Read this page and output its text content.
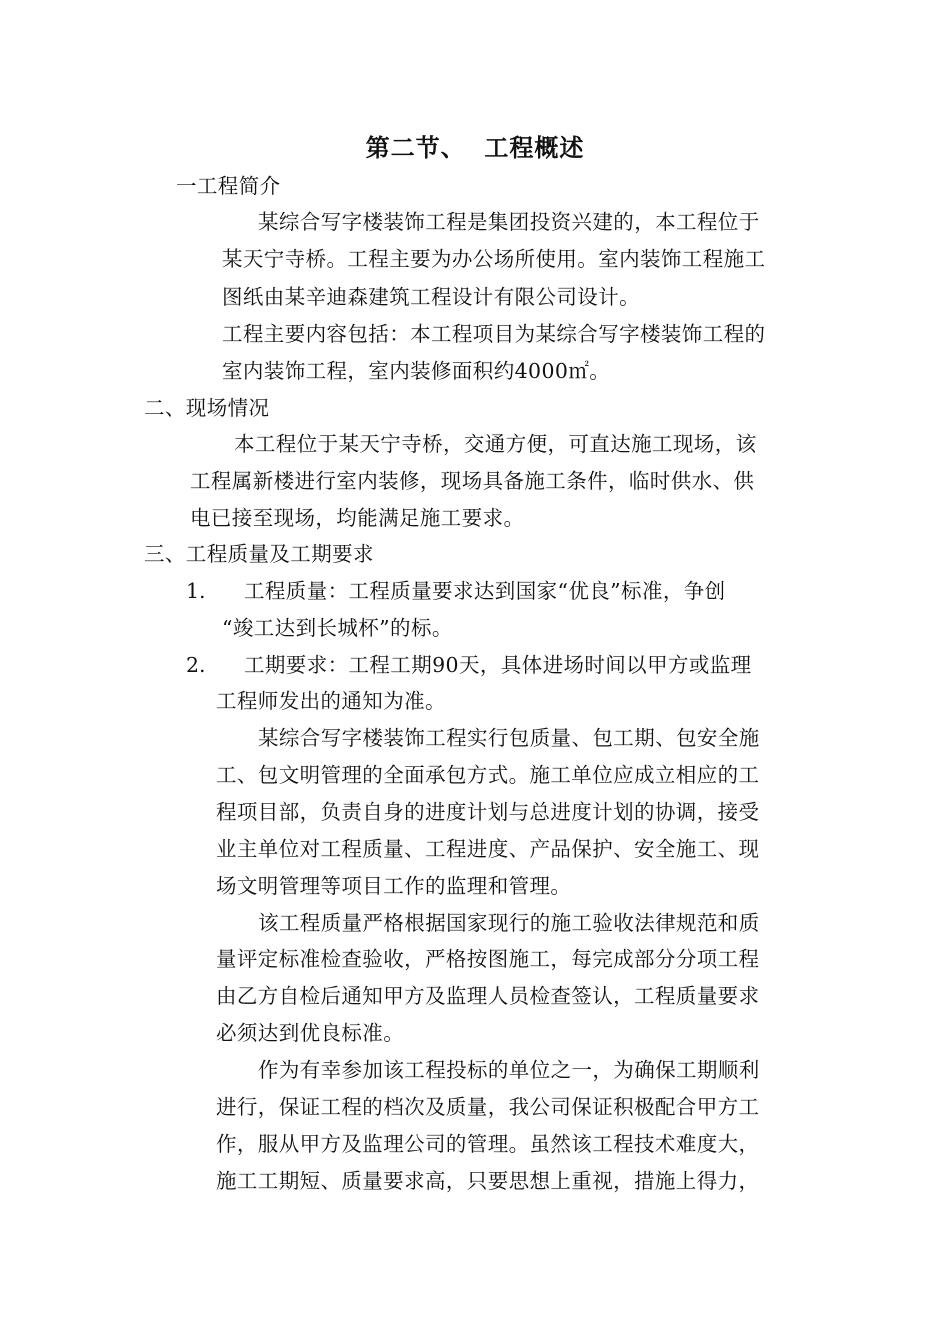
第二节、  工程概述
一工程简介
某综合写字楼装饰工程是集团投资兴建的，本工程位于
某天宁寺桥。工程主要为办公场所使用。室内装饰工程施工
图纸由某辛迪森建筑工程设计有限公司设计。
工程主要内容包括：本工程项目为某综合写字楼装饰工程的
室内装饰工程，室内装修面积约4000㎡。
二、现场情况
本工程位于某天宁寺桥，交通方便，可直达施工现场，该
工程属新楼进行室内装修，现场具备施工条件，临时供水、供
电已接至现场，均能满足施工要求。
三、工程质量及工期要求
1. 工程质量：工程质量要求达到国家“优良”标准，争创
“竣工达到长城杯”的标。
2. 工期要求：工程工期90天，具体进场时间以甲方或监理
工程师发出的通知为准。
某综合写字楼装饰工程实行包质量、包工期、包安全施
工、包文明管理的全面承包方式。施工单位应成立相应的工
程项目部，负责自身的进度计划与总进度计划的协调，接受
业主单位对工程质量、工程进度、产品保护、安全施工、现
场文明管理等项目工作的监理和管理。
该工程质量严格根据国家现行的施工验收法律规范和质
量评定标准检查验收，严格按图施工，每完成部分分项工程
由乙方自检后通知甲方及监理人员检查签认，工程质量要求
必须达到优良标准。
作为有幸参加该工程投标的单位之一，为确保工期顺利
进行，保证工程的档次及质量，我公司保证积极配合甲方工
作，服从甲方及监理公司的管理。虽然该工程技术难度大，
施工工期短、质量要求高，只要思想上重视，措施上得力，
